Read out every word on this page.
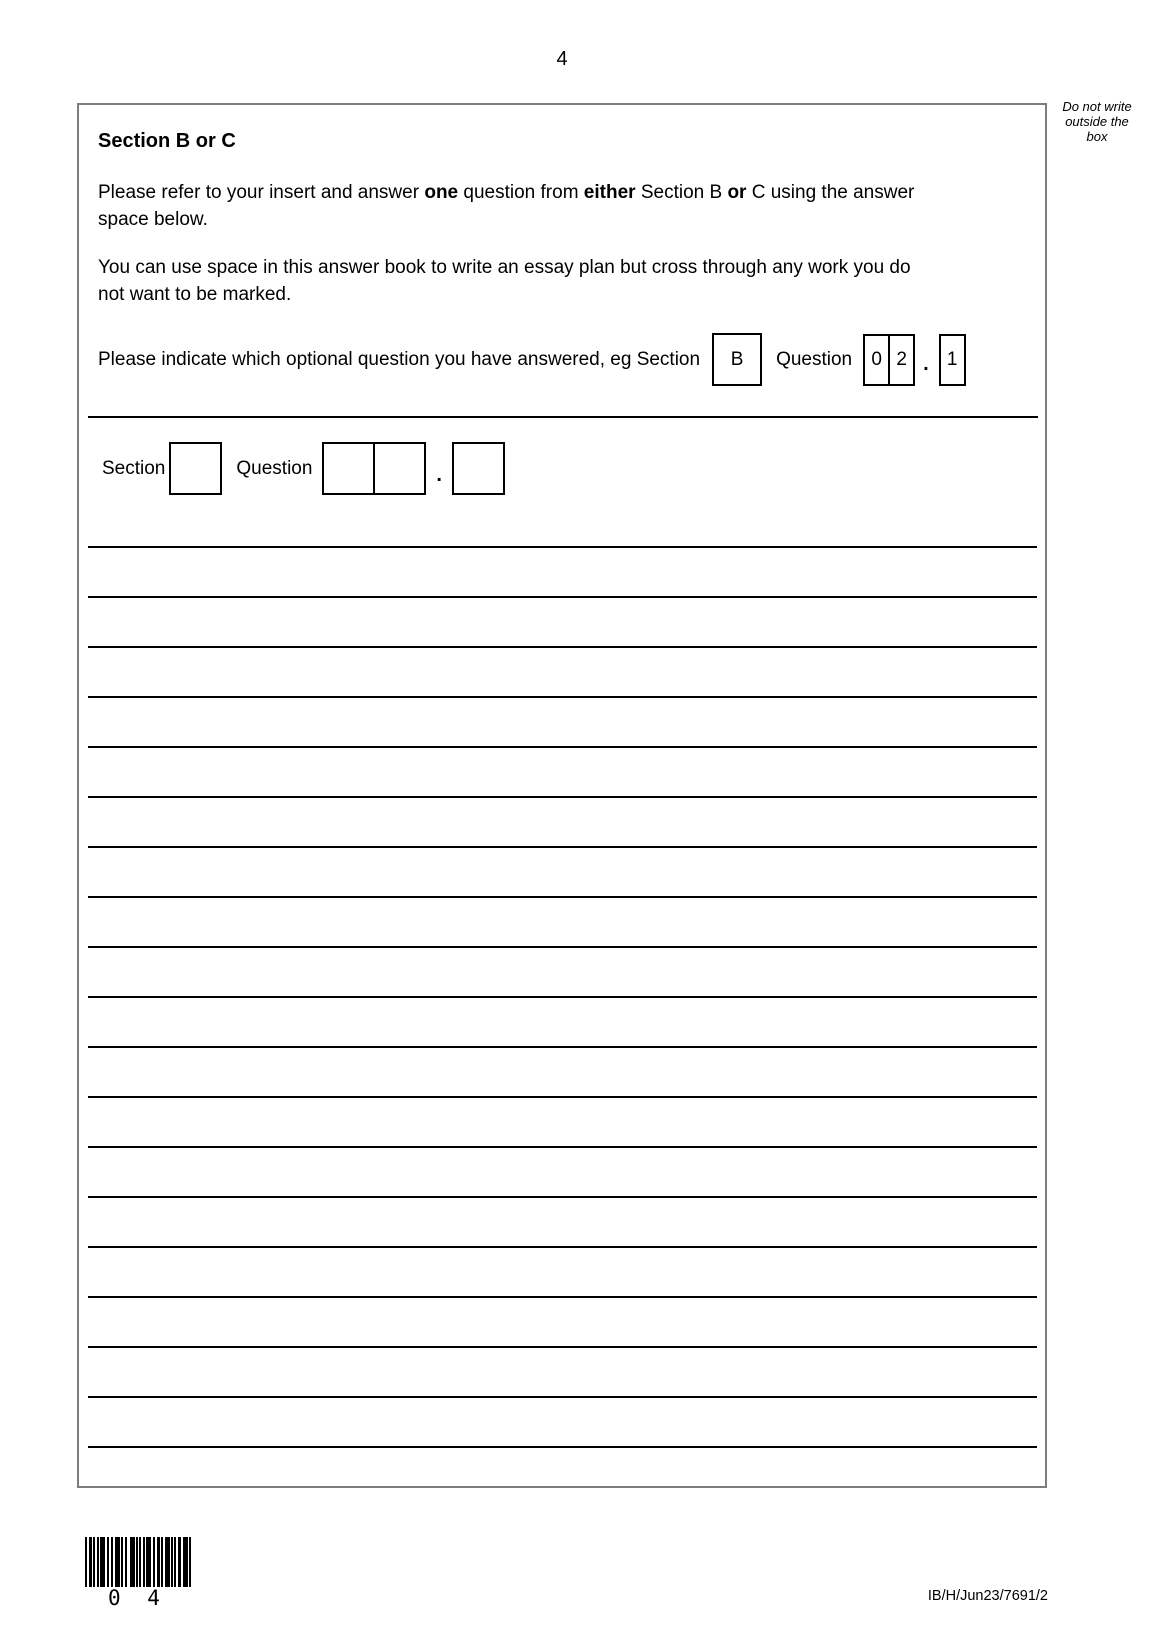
4
Do not write
outside the
box
Section B or C
Please refer to your insert and answer one question from either Section B or C using the answer
space below.
You can use space in this answer book to write an essay plan but cross through any work you do
not want to be marked.
Please indicate which optional question you have answered, eg Section	B	Question	0 2 . 1
Section	Question	.
0 4	IB/H/Jun23/7691/2
